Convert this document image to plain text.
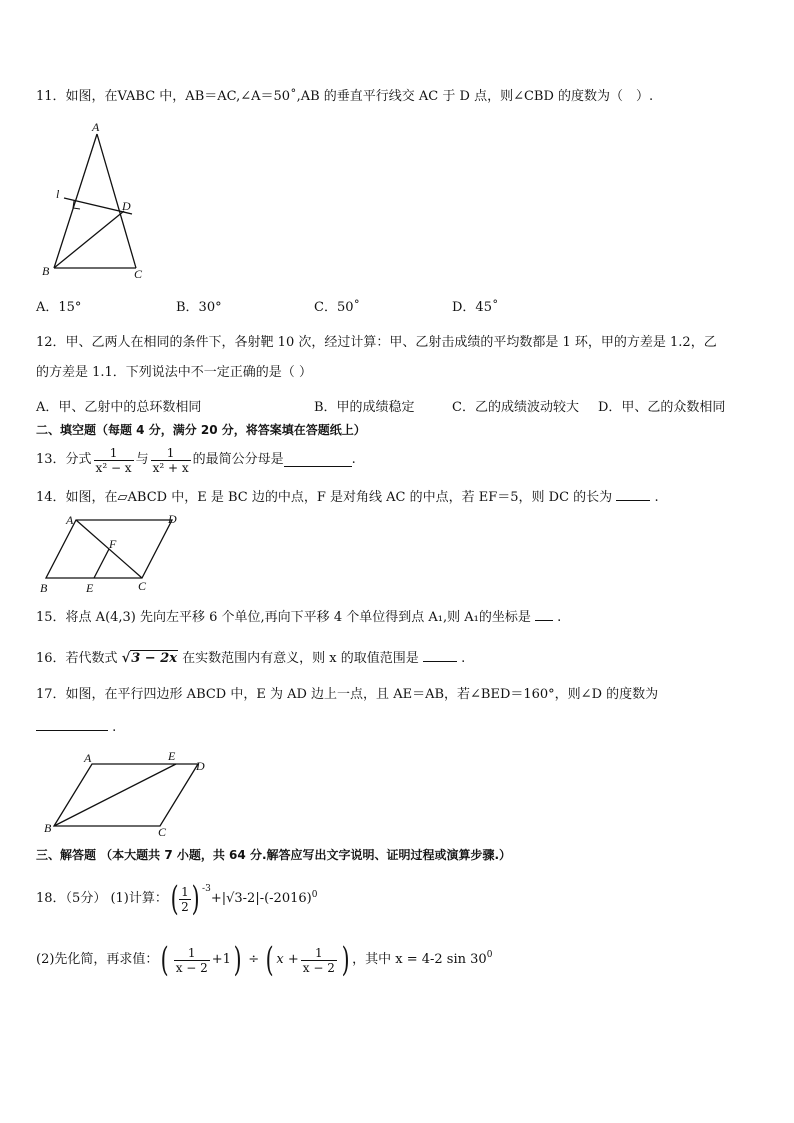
11．如图，在VABC 中，AB＝AC,∠A＝50˚,AB 的垂直平行线交 AC 于 D 点，则∠CBD 的度数为（　）.
A
B	C
D
l
A．15°	B．30°	C．50˚	D．45˚
12．甲、乙两人在相同的条件下，各射靶 10 次，经过计算：甲、乙射击成绩的平均数都是 1 环，甲的方差是 1.2，乙
的方差是 1.1．下列说法中不一定正确的是（ ）
A．甲、乙射中的总环数相同	B．甲的成绩稳定	C．乙的成绩波动较大 D．甲、乙的众数相同
二、填空题（每题 4 分，满分 20 分，将答案填在答题纸上）
13．分式 $\frac{1}{\text{x² − x}}$ 与 $\frac{1}{\text{x² + x}}$ 的最简公分母是	.
14．如图，在▱ABCD 中，E 是 BC 边的中点，F 是对角线 AC 的中点，若 EF＝5，则 DC 的长为	.
A	D
B	E	C
F
15．将点 A(4,3) 先向左平移 6 个单位,再向下平移 4 个单位得到点 A₁,则 A₁的坐标是 .
16．若代数式 √3 − 2x 在实数范围内有意义，则 x 的取值范围是	.
17．如图，在平行四边形 ABCD 中，E 为 AD 边上一点，且 AE＝AB，若∠BED＝160°，则∠D 的度数为
.
A	E
D
B	C
三、解答题 （本大题共 7 小题，共 64 分.解答应写出文字说明、证明过程或演算步骤.）
18．（5分） (1)计算： ( $\frac{1}{2}$ ) -3
+|√3-2|-(-2016) 0
(2)先化简，再求值： ( $\frac{1}{x - 2} +1$ ) ÷ ( $x + \frac{1}{x - 2}$ ) ，其中 x = 4-2 sin 30 0
